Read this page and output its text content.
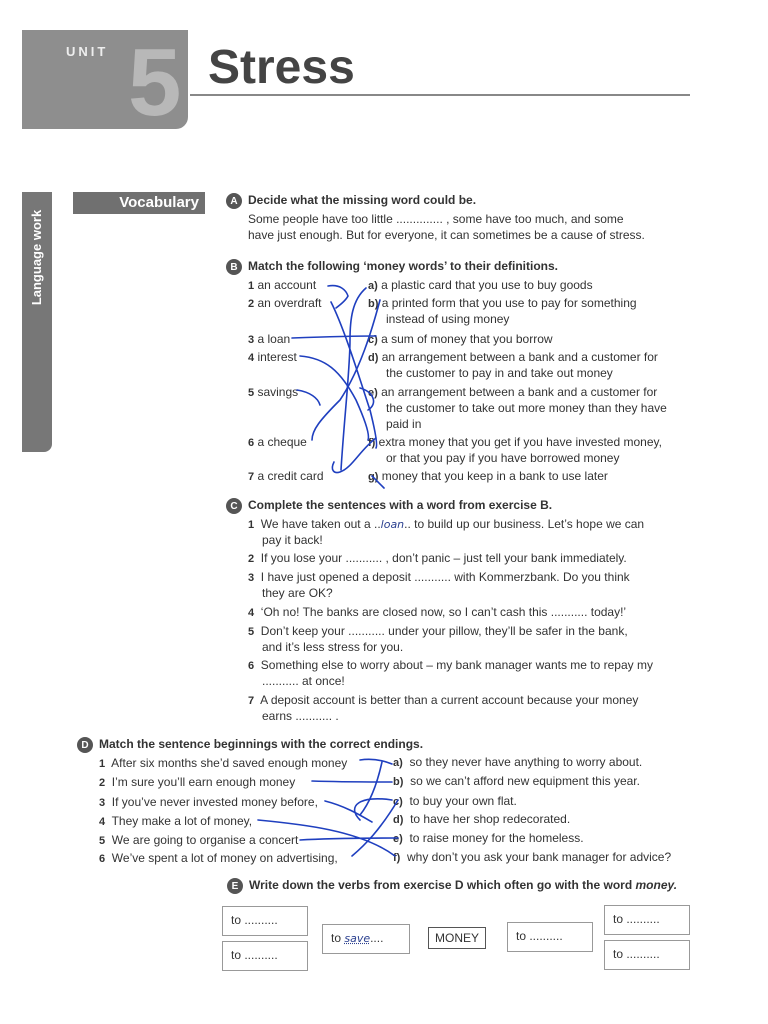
UNIT 5 Stress
Language work
Vocabulary	A Decide what the missing word could be.
Some people have too little .............. , some have too much, and some
have just enough. But for everyone, it can sometimes be a cause of stress.
B Match the following ‘money words’ to their definitions.
1 an account
2 an overdraft
3 a loan
4 interest
5 savings
6 a cheque
7 a credit card
a) a plastic card that you use to buy goods
b) a printed form that you use to pay for something
instead of using money
c) a sum of money that you borrow
d) an arrangement between a bank and a customer for
the customer to pay in and take out money
e) an arrangement between a bank and a customer for
the customer to take out more money than they have
paid in
f) extra money that you get if you have invested money,
or that you pay if you have borrowed money
g) money that you keep in a bank to use later
C Complete the sentences with a word from exercise B.
1 We have taken out a ..loan.. to build up our business. Let’s hope we can
pay it back!
2 If you lose your ........... , don’t panic – just tell your bank immediately.
3 I have just opened a deposit ........... with Kommerzbank. Do you think
they are OK?
4 ‘Oh no! The banks are closed now, so I can’t cash this ........... today!’
5 Don’t keep your ........... under your pillow, they’ll be safer in the bank,
and it’s less stress for you.
6 Something else to worry about – my bank manager wants me to repay my
........... at once!
7 A deposit account is better than a current account because your money
earns ........... .
D Match the sentence beginnings with the correct endings.
1 After six months she’d saved enough money
2 I’m sure you’ll earn enough money
3 If you’ve never invested money before,
4 They make a lot of money,
5 We are going to organise a concert
6 We’ve spent a lot of money on advertising,
a) so they never have anything to worry about.
b) so we can’t afford new equipment this year.
c) to buy your own flat.
d) to have her shop redecorated.
e) to raise money for the homeless.
f) why don’t you ask your bank manager for advice?
E Write down the verbs from exercise D which often go with the word money.
to ..........
to ..........
to save....	MONEY	to ..........
to ..........
to ..........
